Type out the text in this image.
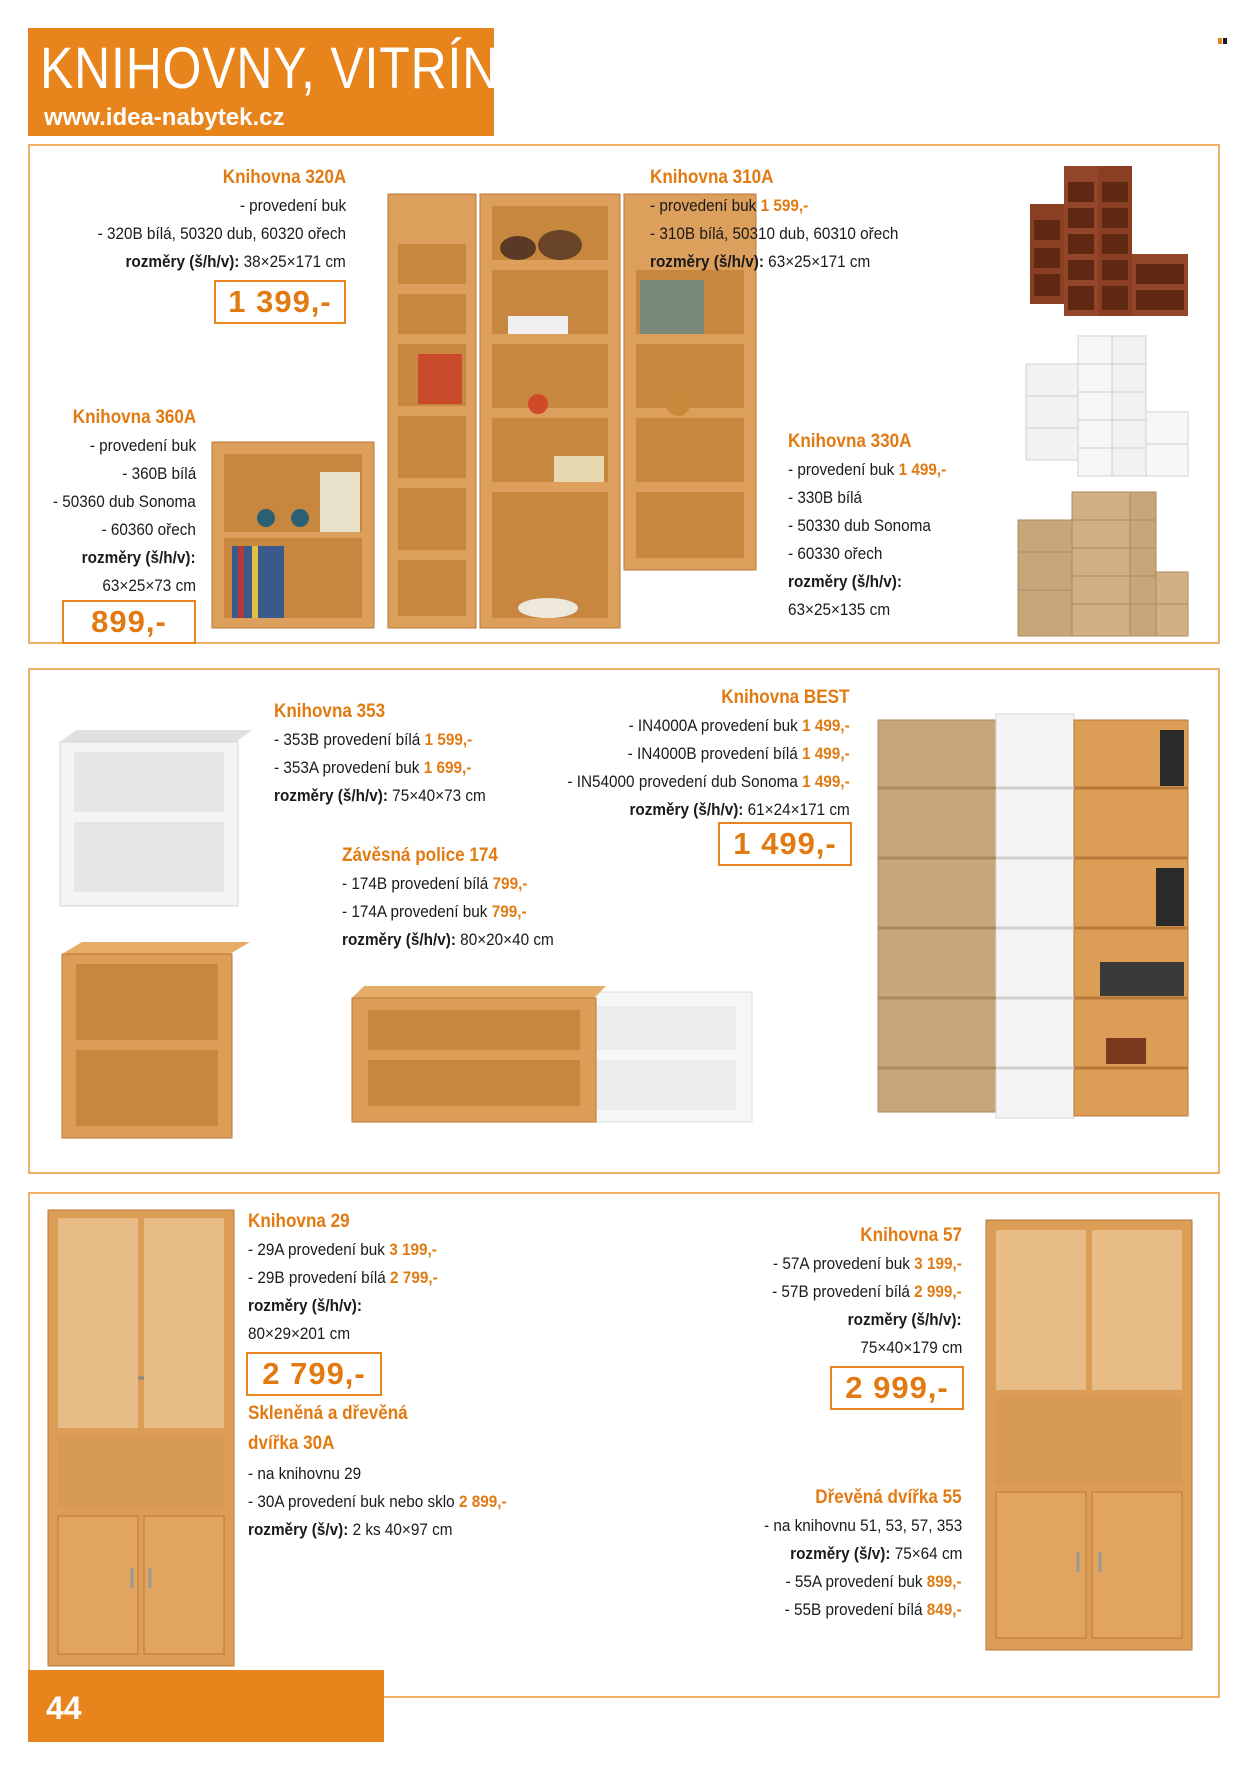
KNIHOVNY, VITRÍNY
www.idea-nabytek.cz
Knihovna 320A
- provedení buk
- 320B bílá, 50320 dub, 60320 ořech
rozměry (š/h/v): 38×25×171 cm
1 399,-
Knihovna 310A
- provedení buk 1 599,-
- 310B bílá, 50310 dub, 60310 ořech
rozměry (š/h/v): 63×25×171 cm
Knihovna 360A
- provedení buk
- 360B bílá
- 50360 dub Sonoma
- 60360 ořech
rozměry (š/h/v):
63×25×73 cm
899,-
Knihovna 330A
- provedení buk 1 499,-
- 330B bílá
- 50330 dub Sonoma
- 60330 ořech
rozměry (š/h/v):
63×25×135 cm
Knihovna 353
- 353B provedení bílá 1 599,-
- 353A provedení buk 1 699,-
rozměry (š/h/v): 75×40×73 cm
Závěsná police 174
- 174B provedení bílá 799,-
- 174A provedení buk 799,-
rozměry (š/h/v): 80×20×40 cm
Knihovna BEST
- IN4000A provedení buk 1 499,-
- IN4000B provedení bílá 1 499,-
- IN54000 provedení dub Sonoma 1 499,-
rozměry (š/h/v): 61×24×171 cm
1 499,-
Knihovna 29
- 29A provedení buk 3 199,-
- 29B provedení bílá 2 799,-
rozměry (š/h/v):
80×29×201 cm
2 799,-
Skleněná a dřevěná
dvířka 30A
- na knihovnu 29
- 30A provedení buk nebo sklo 2 899,-
rozměry (š/v): 2 ks 40×97 cm
Knihovna 57
- 57A provedení buk 3 199,-
- 57B provedení bílá 2 999,-
rozměry (š/h/v):
75×40×179 cm
2 999,-
Dřevěná dvířka 55
- na knihovnu 51, 53, 57, 353
rozměry (š/v): 75×64 cm
- 55A provedení buk 899,-
- 55B provedení bílá 849,-
44
